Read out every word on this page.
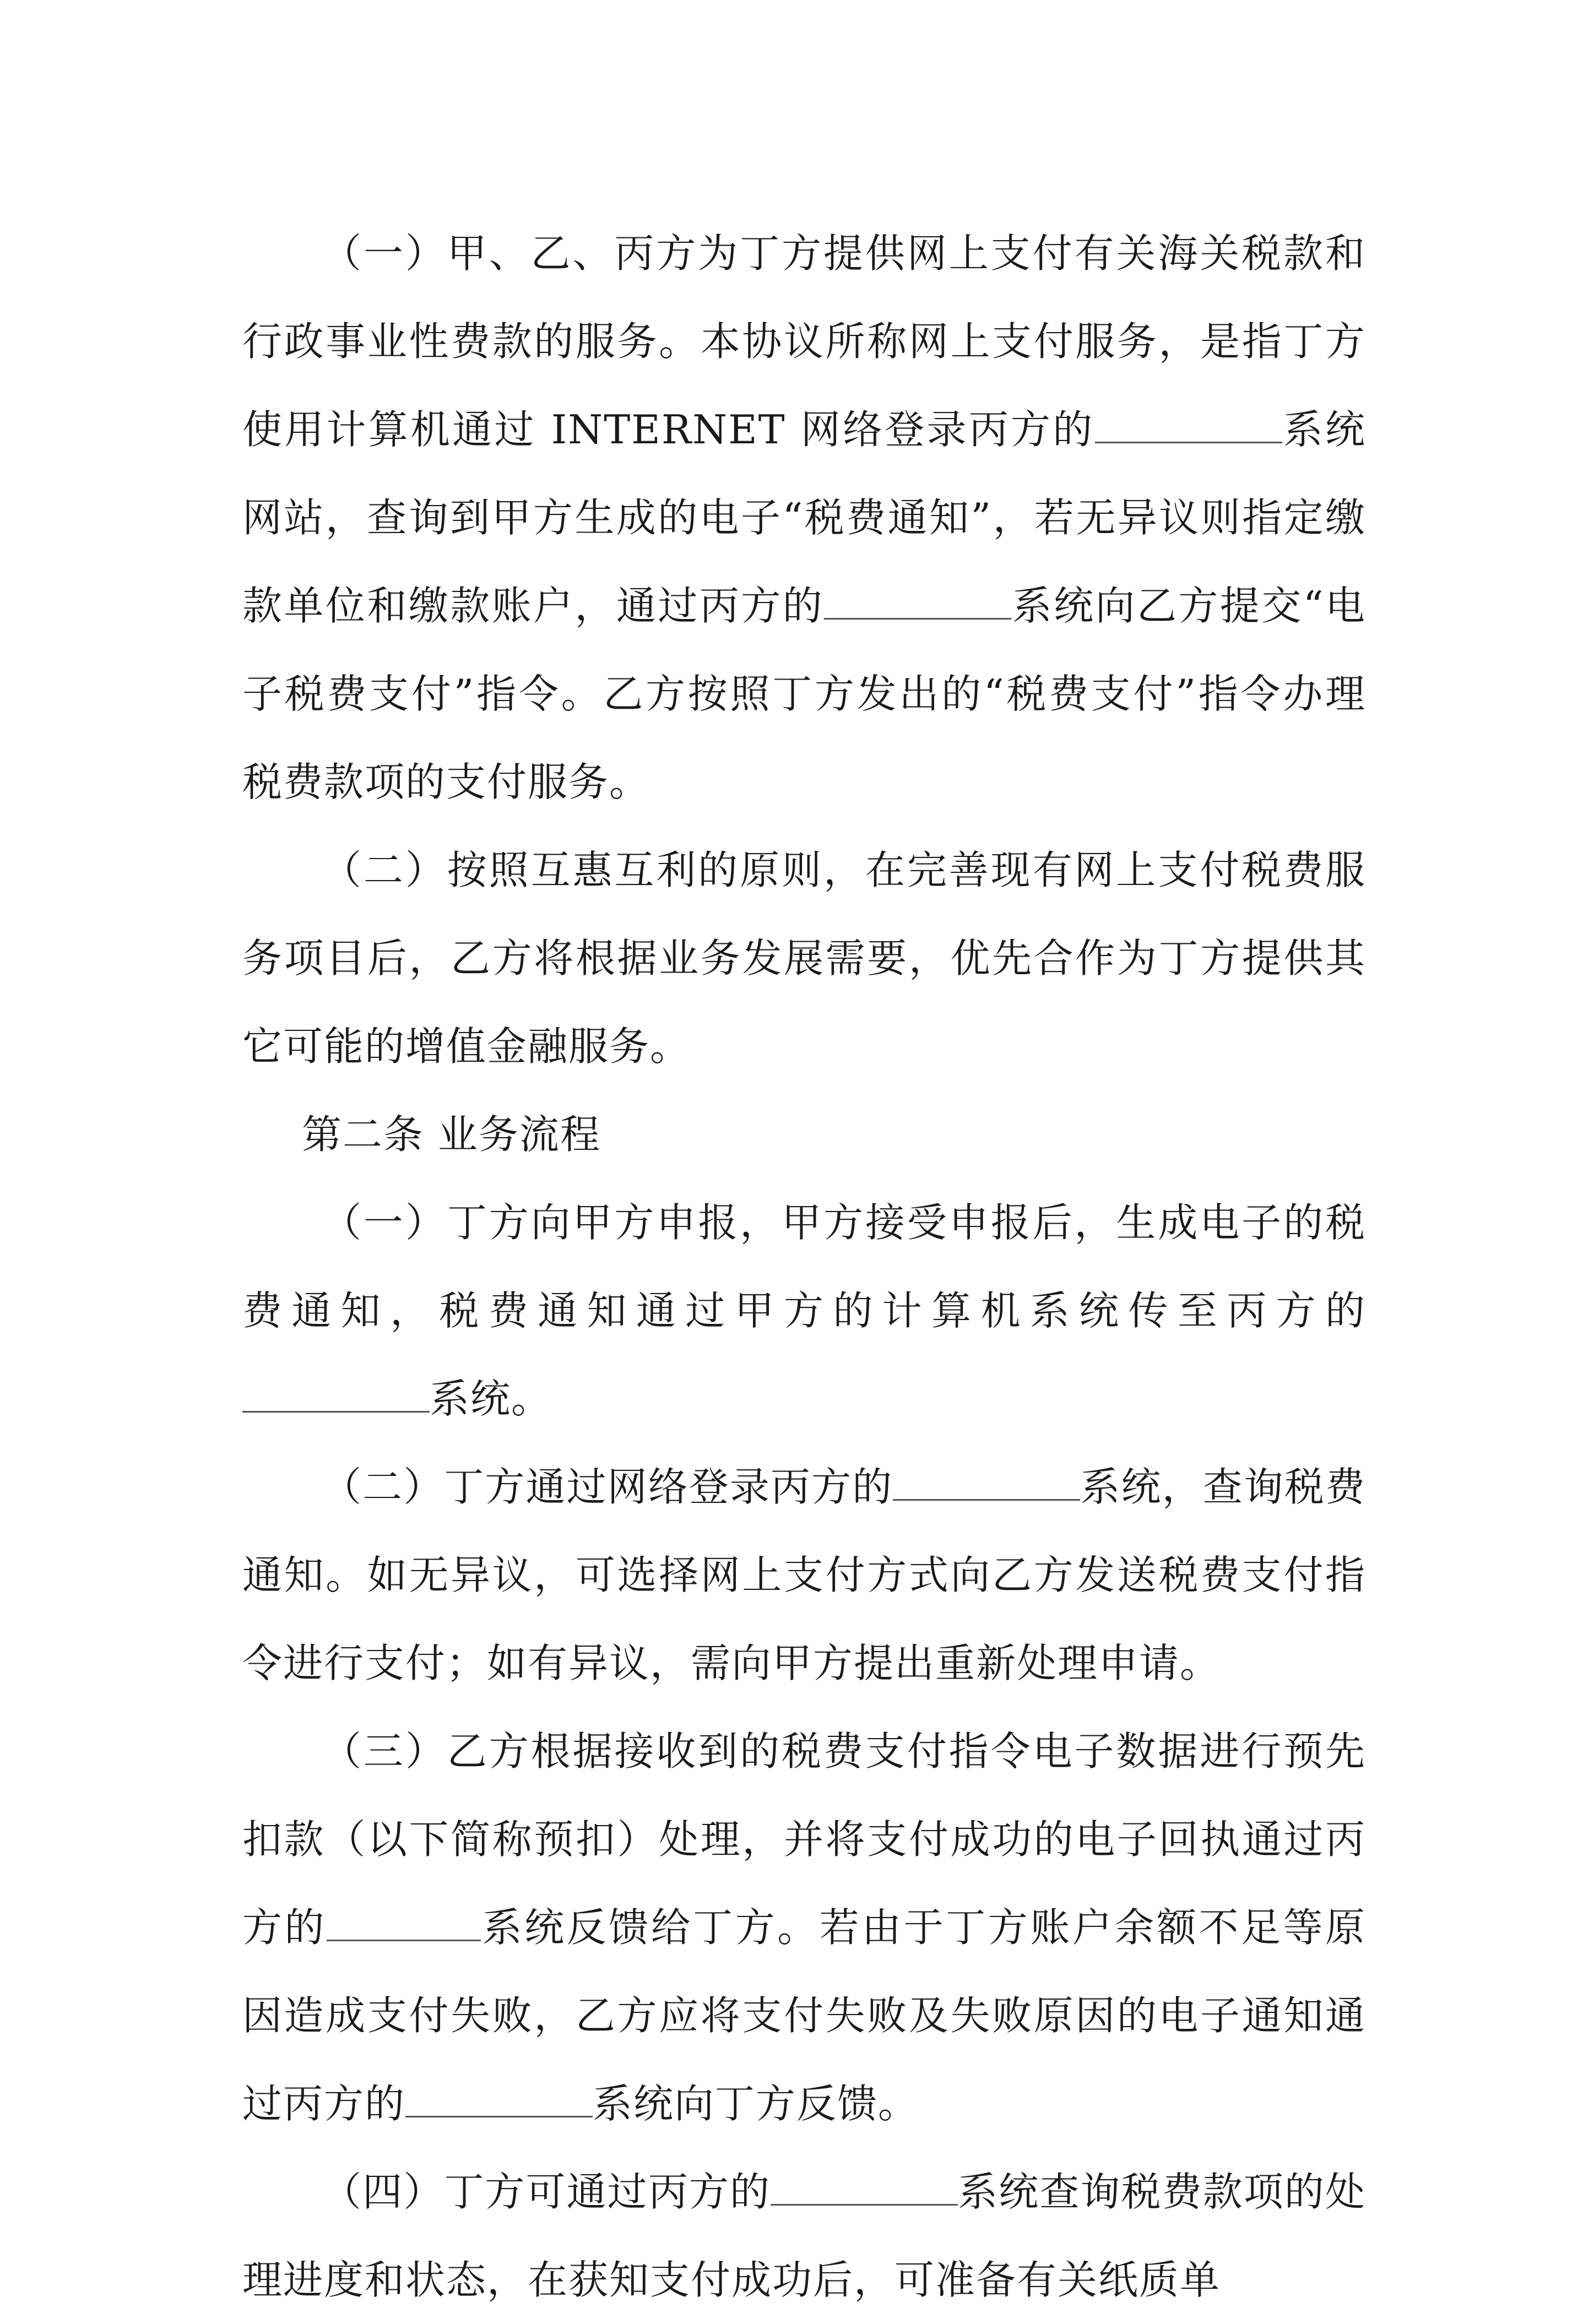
（一）甲、乙、丙方为丁方提供网上支付有关海关税款和行政事业性费款的服务。本协议所称网上支付服务，是指丁方使用计算机通过 INTERNET 网络登录丙方的	系统网站，查询到甲方生成的电子“税费通知”，若无异议则指定缴款单位和缴款账户，通过丙方的	系统向乙方提交“电子税费支付”指令。乙方按照丁方发出的“税费支付”指令办理税费款项的支付服务。

（二）按照互惠互利的原则，在完善现有网上支付税费服务项目后，乙方将根据业务发展需要，优先合作为丁方提供其它可能的增值金融服务。

第二条 业务流程

（一）丁方向甲方申报，甲方接受申报后，生成电子的税费通知，税费通知通过甲方的计算机系统传至丙方的系统。

（二）丁方通过网络登录丙方的	系统，查询税费通知。如无异议，可选择网上支付方式向乙方发送税费支付指令进行支付；如有异议，需向甲方提出重新处理申请。

（三）乙方根据接收到的税费支付指令电子数据进行预先扣款（以下简称预扣）处理，并将支付成功的电子回执通过丙方的	系统反馈给丁方。若由于丁方账户余额不足等原因造成支付失败，乙方应将支付失败及失败原因的电子通知通过丙方的	系统向丁方反馈。

（四）丁方可通过丙方的	系统查询税费款项的处理进度和状态，在获知支付成功后，可准备有关纸质单
